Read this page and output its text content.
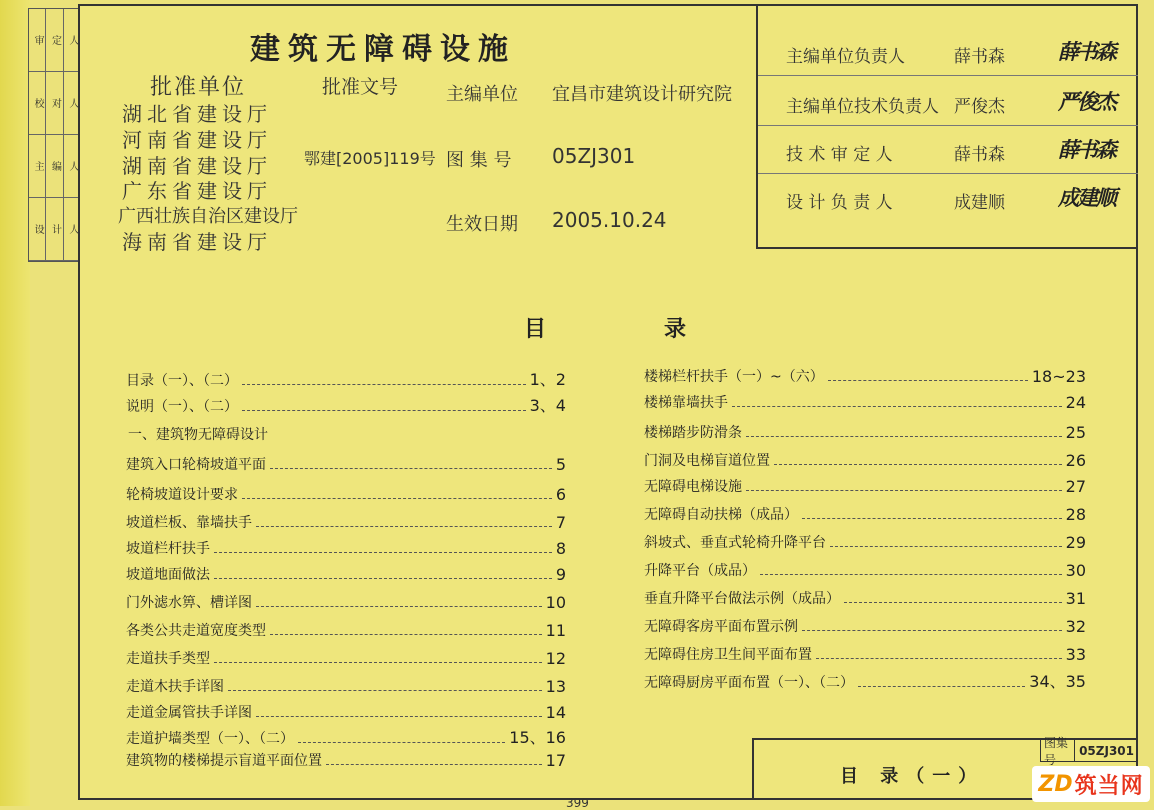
审 定 人
校 对 人
主 编 人
设 计 人
建筑无障碍设施
批准单位	批准文号	主编单位 宜昌市建筑设计研究院
鄂建[2005]119号 图 集 号 05ZJ301
生效日期 2005.10.24
湖北省建设厅
河南省建设厅
湖南省建设厅
广东省建设厅
广西壮族自治区建设厅
海南省建设厅
主编单位负责人	薛书森	薛书森
主编单位技术负责人 严俊杰	严俊杰
技 术 审 定 人	薛书森	薛书森
设 计 负 责 人	成建顺	成建顺
目	录
一、建筑物无障碍设计
目录（一）、（二）	1、2
说明（一）、（二）	3、4
建筑入口轮椅坡道平面	5
轮椅坡道设计要求	6
坡道栏板、靠墙扶手	7
坡道栏杆扶手	8
坡道地面做法	9
门外滤水箅、槽详图	10
各类公共走道宽度类型	11
走道扶手类型	12
走道木扶手详图	13
走道金属管扶手详图	14
走道护墙类型（一）、（二）	15、16
建筑物的楼梯提示盲道平面位置	17
楼梯栏杆扶手（一）~（六）	18~23
楼梯靠墙扶手	24
楼梯踏步防滑条	25
门洞及电梯盲道位置	26
无障碍电梯设施	27
无障碍自动扶梯（成品）	28
斜坡式、垂直式轮椅升降平台	29
升降平台（成品）	30
垂直升降平台做法示例（成品）	31
无障碍客房平面布置示例	32
无障碍住房卫生间平面布置	33
无障碍厨房平面布置（一）、（二）	34、35
目 录（一）
图集号
05ZJ301
399
ZD 筑当网
